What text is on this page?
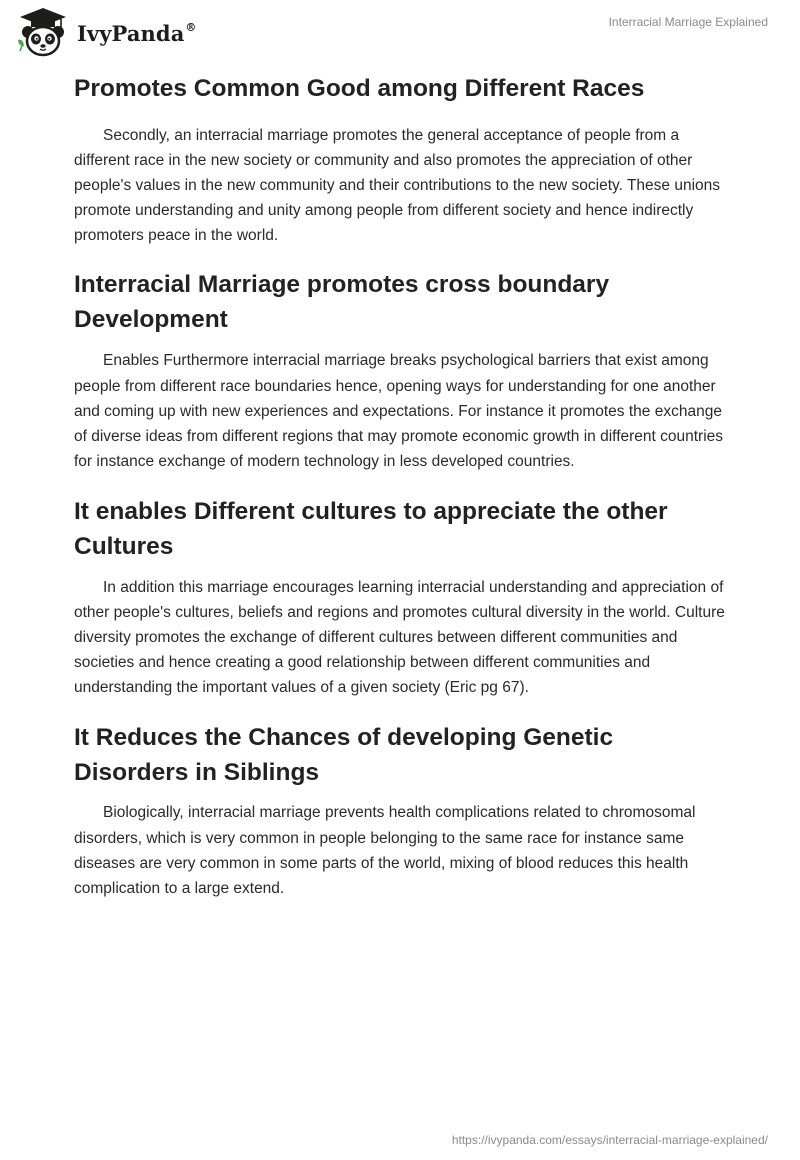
IvyPanda®	Interracial Marriage Explained
Promotes Common Good among Different Races

Secondly, an interracial marriage promotes the general acceptance of people from a different race in the new society or community and also promotes the appreciation of other people's values in the new community and their contributions to the new society. These unions promote understanding and unity among people from different society and hence indirectly promoters peace in the world.

Interracial Marriage promotes cross boundary Development

Enables Furthermore interracial marriage breaks psychological barriers that exist among people from different race boundaries hence, opening ways for understanding for one another and coming up with new experiences and expectations. For instance it promotes the exchange of diverse ideas from different regions that may promote economic growth in different countries for instance exchange of modern technology in less developed countries.

It enables Different cultures to appreciate the other Cultures

In addition this marriage encourages learning interracial understanding and appreciation of other people's cultures, beliefs and regions and promotes cultural diversity in the world. Culture diversity promotes the exchange of different cultures between different communities and societies and hence creating a good relationship between different communities and understanding the important values of a given society (Eric pg 67).

It Reduces the Chances of developing Genetic Disorders in Siblings

Biologically, interracial marriage prevents health complications related to chromosomal disorders, which is very common in people belonging to the same race for instance same diseases are very common in some parts of the world, mixing of blood reduces this health complication to a large extend.

https://ivypanda.com/essays/interracial-marriage-explained/
